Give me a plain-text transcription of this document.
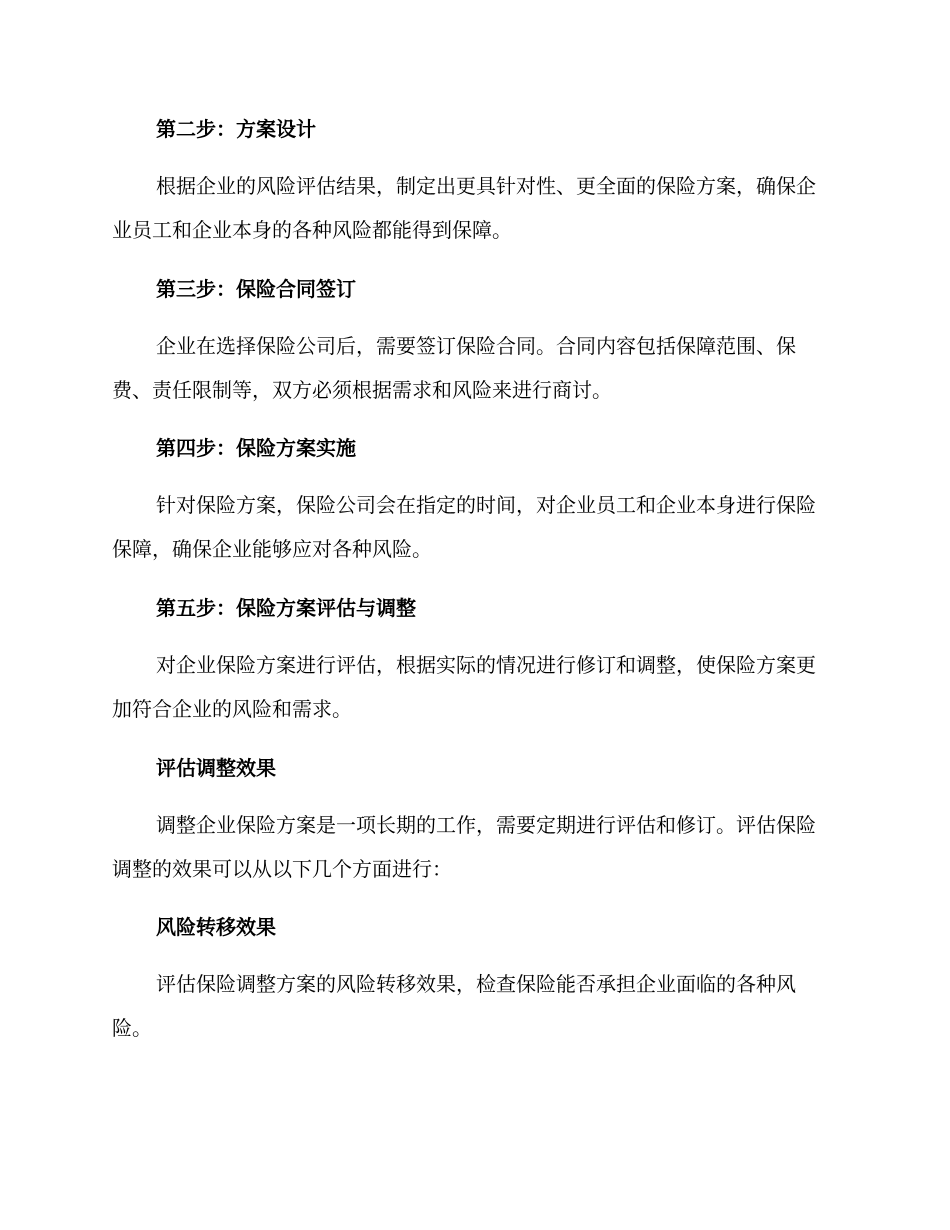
第二步：方案设计

根据企业的风险评估结果，制定出更具针对性、更全面的保险方案，确保企业员工和企业本身的各种风险都能得到保障。

第三步：保险合同签订

企业在选择保险公司后，需要签订保险合同。合同内容包括保障范围、保费、责任限制等，双方必须根据需求和风险来进行商讨。

第四步：保险方案实施

针对保险方案，保险公司会在指定的时间，对企业员工和企业本身进行保险保障，确保企业能够应对各种风险。

第五步：保险方案评估与调整

对企业保险方案进行评估，根据实际的情况进行修订和调整，使保险方案更加符合企业的风险和需求。

评估调整效果

调整企业保险方案是一项长期的工作，需要定期进行评估和修订。评估保险调整的效果可以从以下几个方面进行：

风险转移效果

评估保险调整方案的风险转移效果，检查保险能否承担企业面临的各种风险。
